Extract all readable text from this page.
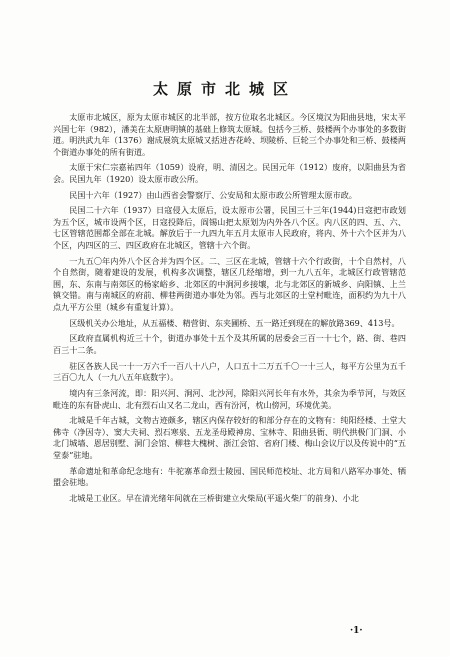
太原市北城区

太原市北城区，原为太原市城区的北半部，按方位取名北城区。今区境汉为阳曲县地，宋太平兴国七年（982），潘美在太原唐明镇的基础上修筑太原城。包括今三桥、鼓楼两个办事处的多数街道。明洪武九年（1376）谢成展筑太原城又括进杏花岭、坝陵桥、巨轮三个办事处和三桥、鼓楼两个街道办事处的所有街道。

太原于宋仁宗嘉祐四年（1059）设府，明、清因之。民国元年（1912）废府，以阳曲县为省会。民国九年（1920）设太原市政公所。

民国十六年（1927）由山西省会警察厅、公安局和太原市政公所管理太原市政。

民国二十六年（1937）日寇侵入太原后，设太原市公署，民国三十三年(1944)日寇把市政划为五个区，城市设两个区，日寇投降后，阎锡山把太原划为内外各八个区。内八区的四、五、六、七区管辖范围都全部在北城。解放后于一九四九年五月太原市人民政府，将内、外十六个区并为八个区，内四区的三、四区政府在北城区，管辖十六个街。

一九五〇年内外八个区合并为四个区。二、三区在北城，管辖十六个行政街，十个自然村，八个自然街，随着建设的发展，机构多次调整，辖区几经缩增，到一九八五年，北城区行政管辖范围，东、东南与南郊区的杨家峪乡、北郊区的中涧河乡接壤，北与北郊区的新城乡、向阳镇、上兰镇交错。南与南城区的府前、柳巷两街道办事处为邻。西与北郊区的土堂村毗连，面积约为九十八点九平方公里（城乡有重复计算）。

区级机关办公地址，从五福楼、精营街、东夹圃桥、五一路迁到现在的解放路369、413号。

区政府直属机构近三十个，街道办事处十五个及其所属的居委会三百一十七个，路、街、巷四百三十二条。

驻区各族人民一十一万六千一百八十八户，人口五十二万五千〇一十三人，每平方公里为五千三百〇九人（一九八五年底数字）。

境内有三条河流，即：阳兴河、涧河、北沙河，除阳兴河长年有水外，其余为季节河，与效区毗连的东有卧虎山、北有烈石山又名二龙山，西有汾河，枕山傍河，环境优美。

北城是千年古城，文物古迹颇多，辖区内保存较好的和部分存在的文物有：纯阳经楼、土堂大佛寺（净因寺）、窦大夫祠、烈石寒泉、五龙圣母殿神房、宝林寺、阳曲县衙、明代拱极门门洞、小北门城墙、恩居别墅、洞门会馆、柳巷大槐树、浙江会馆、省府门楼、梅山会议厅以及传说中的“五堂泰”驻地。

革命遗址和革命纪念地有：牛驼寨革命烈士陵园、国民师范校址、北方局和八路军办事处、牺盟会驻地。

北城是工业区。早在清光绪年间就在三桥街建立火柴局(平遥火柴厂的前身)、小北

·1·
